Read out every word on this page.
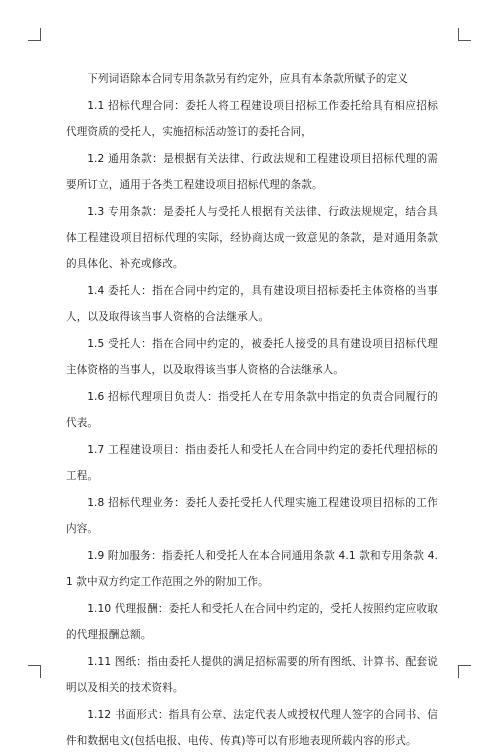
下列词语除本合同专用条款另有约定外，应具有本条款所赋予的定义

1.1 招标代理合同：委托人将工程建设项目招标工作委托给具有相应招标代理资质的受托人，实施招标活动签订的委托合同，

1.2 通用条款：是根据有关法律、行政法规和工程建设项目招标代理的需要所订立，通用于各类工程建设项目招标代理的条款。

1.3 专用条款：是委托人与受托人根据有关法律、行政法规规定，结合具体工程建设项目招标代理的实际，经协商达成一致意见的条款，是对通用条款的具体化、补充或修改。

1.4 委托人：指在合同中约定的，具有建设项目招标委托主体资格的当事人，以及取得该当事人资格的合法继承人。

1.5 受托人：指在合同中约定的，被委托人接受的具有建设项目招标代理主体资格的当事人，以及取得该当事人资格的合法继承人。

1.6 招标代理项目负责人：指受托人在专用条款中指定的负责合同履行的代表。

1.7 工程建设项目：指由委托人和受托人在合同中约定的委托代理招标的工程。

1.8 招标代理业务：委托人委托受托人代理实施工程建设项目招标的工作内容。

1.9 附加服务：指委托人和受托人在本合同通用条款 4.1 款和专用条款 4.1 款中双方约定工作范围之外的附加工作。

1.10 代理报酬：委托人和受托人在合同中约定的，受托人按照约定应收取的代理报酬总额。

1.11 图纸：指由委托人提供的满足招标需要的所有图纸、计算书、配套说明以及相关的技术资料。

1.12 书面形式：指具有公章、法定代表人或授权代理人签字的合同书、信件和数据电文(包括电报、电传、传真)等可以有形地表现所载内容的形式。
